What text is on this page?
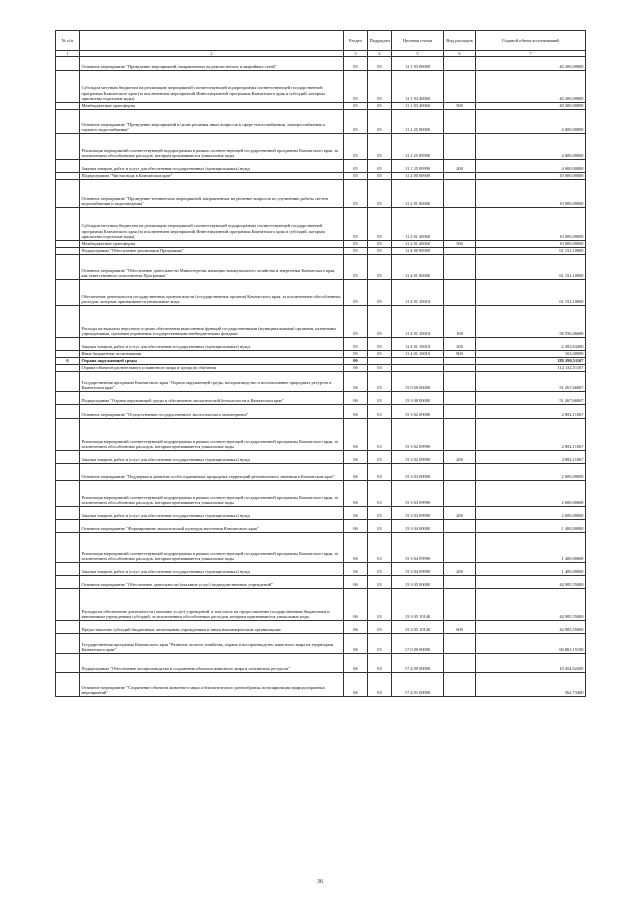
№ п/п		Раздел	Подраздел	Целевая статья	Вид расходов	Годовой объем ассигнований
1	2	3	4	5	6	7
	Основное мероприятие "Проведение мероприятий, направленных на ремонт ветхих и аварийных сетей"	05	05	11 1 03 00000		40 300,00000
	Субсидии местным бюджетам на реализацию мероприятий соответствующей подпрограммы соответствующей государственной программы Камчатского края (за исключением мероприятий Инвестиционной программы Камчатского края и субсидий, которым присвоены отдельные коды)	05	05	11 1 03 40060		40 300,00000
	Межбюджетные трансферты	05	05	11 1 03 40060	500	40 300,00000
	Основное мероприятие "Проведение мероприятий в целях решения иных вопросов в сфере теплоснабжения, электроснабжения и горячего водоснабжения"	05	05	11 1 25 00000		4 000,00000
	Реализация мероприятий соответствующей подпрограммы в рамках соответствующей государственной программы Камчатского края, за исключением обособленных расходов, которым присваиваются уникальные коды	05	05	11 1 25 09990		4 000,00000
	Закупка товаров, работ и услуг для обеспечения государственных (муниципальных) нужд	05	05	11 1 25 09990	200	4 000,00000
	Подпрограмма "Чистая вода в Камчатском крае"	05	05	11 2 00 00000		10 000,00000
	Основное мероприятие "Проведение технических мероприятий, направленных на решение вопросов по улучшению работы систем водоснабжения и водоотведения"	05	05	11 2 01 00000		10 000,00000
	Субсидии местным бюджетам на реализацию мероприятий соответствующей подпрограммы соответствующей государственной программы Камчатского края (за исключением мероприятий Инвестиционной программы Камчатского края и субсидий, которым присвоены отдельные коды)	05	05	11 2 01 40060		10 000,00000
	Межбюджетные трансферты	05	05	11 2 01 40060	500	10 000,00000
	Подпрограмма "Обеспечение реализации Программы"	05	05	11 4 00 00000		61 152,10000
	Основное мероприятие "Обеспечение деятельности Министерства жилищно-коммунального хозяйства и энергетики Камчатского края, как ответственного исполнителя Программы"	05	05	11 4 01 00000		61 152,10000
	Обеспечение деятельности государственных органов власти (государственных органов) Камчатского края, за исключением обособленных расходов, которым присваиваются уникальные коды	05	05	11 4 01 10010		61 152,10000
	Расходы на выплаты персоналу в целях обеспечения выполнения функций государственными (муниципальными) органами, казенными учреждениями, органами управления государственными внебюджетными фондами	05	05	11 4 01 10010	100	58 556,46600
	Закупка товаров, работ и услуг для обеспечения государственных (муниципальных) нужд	05	05	11 4 01 10010	200	2 493,63400
	Иные бюджетные ассигнования	05	05	11 4 01 10010	800	102,00000
6	Охрана окружающей среды	06				285 290,51167
	Охрана объектов растительного и животного мира и среды их обитания	06	03			112 132,51167
	Государственная программа Камчатского края "Охрана окружающей среды, воспроизводство и использование природных ресурсов в Камчатском крае"	06	03	15 0 00 00000		51 267,66067
	Подпрограмма "Охрана окружающей среды и обеспечение экологической безопасности в Камчатском крае"	06	03	15 3 00 00000		51 267,66067
	Основное мероприятие "Осуществление государственного экологического мониторинга"	06	03	15 3 02 00000		2 882,11067
	Реализация мероприятий соответствующей подпрограммы в рамках соответствующей государственной программы Камчатского края, за исключением обособленных расходов, которым присваиваются уникальные коды	06	03	15 3 02 09990		2 882,11067
	Закупка товаров, работ и услуг для обеспечения государственных (муниципальных) нужд	06	03	15 3 02 09990	200	2 882,11067
	Основное мероприятие "Поддержка и развитие особо охраняемых природных территорий регионального значения в Камчатском крае"	06	03	15 3 03 00000		2 000,00000
	Реализация мероприятий соответствующей подпрограммы в рамках соответствующей государственной программы Камчатского края, за исключением обособленных расходов, которым присваиваются уникальные коды	06	03	15 3 03 09990		2 000,00000
	Закупка товаров, работ и услуг для обеспечения государственных (муниципальных) нужд	06	03	15 3 03 09990	200	2 000,00000
	Основное мероприятие "Формирование экологической культуры населения Камчатского края"	06	03	15 3 04 00000		1 400,00000
	Реализация мероприятий соответствующей подпрограммы в рамках соответствующей государственной программы Камчатского края, за исключением обособленных расходов, которым присваиваются уникальные коды	06	03	15 3 04 09990		1 400,00000
	Закупка товаров, работ и услуг для обеспечения государственных (муниципальных) нужд	06	03	15 3 04 09990	200	1 400,00000
	Основное мероприятие "Обеспечение деятельности (оказание услуг) подведомственных учреждений"	06	03	15 3 05 00000		44 985,55000
	Расходы на обеспечение деятельности (оказание услуг) учреждений, в том числе на предоставление государственным бюджетным и автономным учреждениям субсидий, за исключением обособленных расходов, которым присваиваются уникальные коды	06	03	15 3 05 10140		44 985,55000
	Предоставление субсидий бюджетным, автономным учреждениям и иным некоммерческим организациям	06	03	15 3 05 10140	600	44 985,55000
	Государственная программа Камчатского края "Развитие лесного хозяйства, охрана и воспроизводство животного мира на территории Камчатского края"	06	03	17 0 00 00000		60 865,15100
	Подпрограмма "Обеспечение воспроизводства и сохранения объектов животного мира и охотничьих ресурсов"	06	03	17 4 00 00000		10 454,02200
	Основное мероприятие "Сохранение объектов животного мира и биологического разнообразия, популяризация природоохранных мероприятий"	06	03	17 4 01 00000		562,73400
36
